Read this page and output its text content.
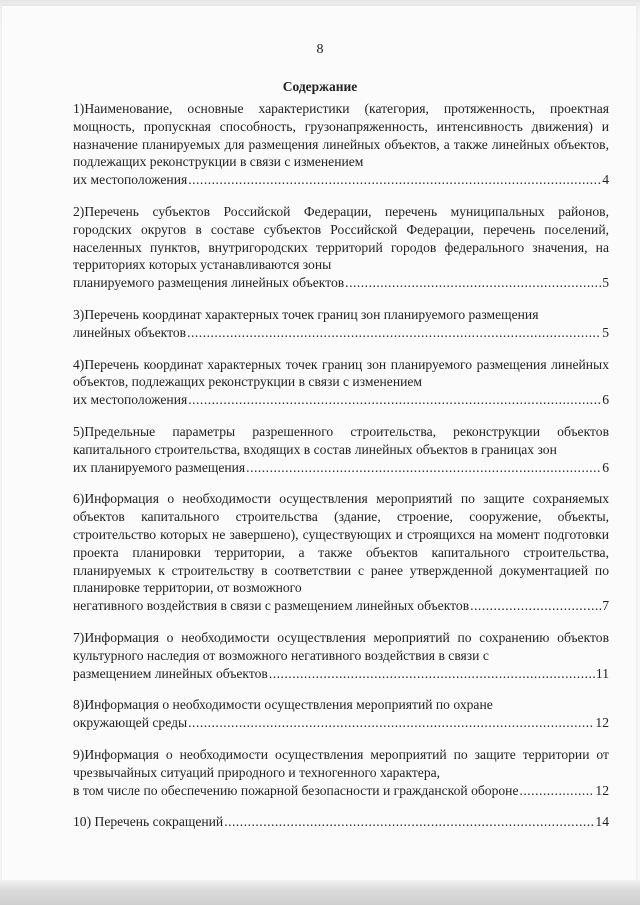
8
Содержание
1)Наименование, основные характеристики (категория, протяженность, проектная мощность, пропускная способность, грузонапряженность, интенсивность движения) и назначение планируемых для размещения линейных объектов, а также линейных объектов, подлежащих реконструкции в связи с изменением
их местоположения .....	4
2)Перечень субъектов Российской Федерации, перечень муниципальных районов, городских округов в составе субъектов Российской Федерации, перечень поселений, населенных пунктов, внутригородских территорий городов федерального значения, на территориях которых устанавливаются зоны
планируемого размещения линейных объектов .....	5
3)Перечень координат характерных точек границ зон планируемого размещения
линейных объектов .....	5
4)Перечень координат характерных точек границ зон планируемого размещения линейных объектов, подлежащих реконструкции в связи с изменением
их местоположения .....	6
5)Предельные параметры разрешенного строительства, реконструкции объектов капитального строительства, входящих в состав линейных объектов в границах зон
их планируемого размещения .....	6
6)Информация о необходимости осуществления мероприятий по защите сохраняемых объектов капитального строительства (здание, строение, сооружение, объекты, строительство которых не завершено), существующих и строящихся на момент подготовки проекта планировки территории, а также объектов капитального строительства, планируемых к строительству в соответствии с ранее утвержденной документацией по планировке территории, от возможного
негативного воздействия в связи с размещением линейных объектов .....	7
7)Информация о необходимости осуществления мероприятий по сохранению объектов культурного наследия от возможного негативного воздействия в связи с
размещением линейных объектов .....	11
8)Информация о необходимости осуществления мероприятий по охране
окружающей среды .....	12
9)Информация о необходимости осуществления мероприятий по защите территории от чрезвычайных ситуаций природного и техногенного характера,
в том числе по обеспечению пожарной безопасности и гражданской обороне .....	12
10) Перечень сокращений .....	14
